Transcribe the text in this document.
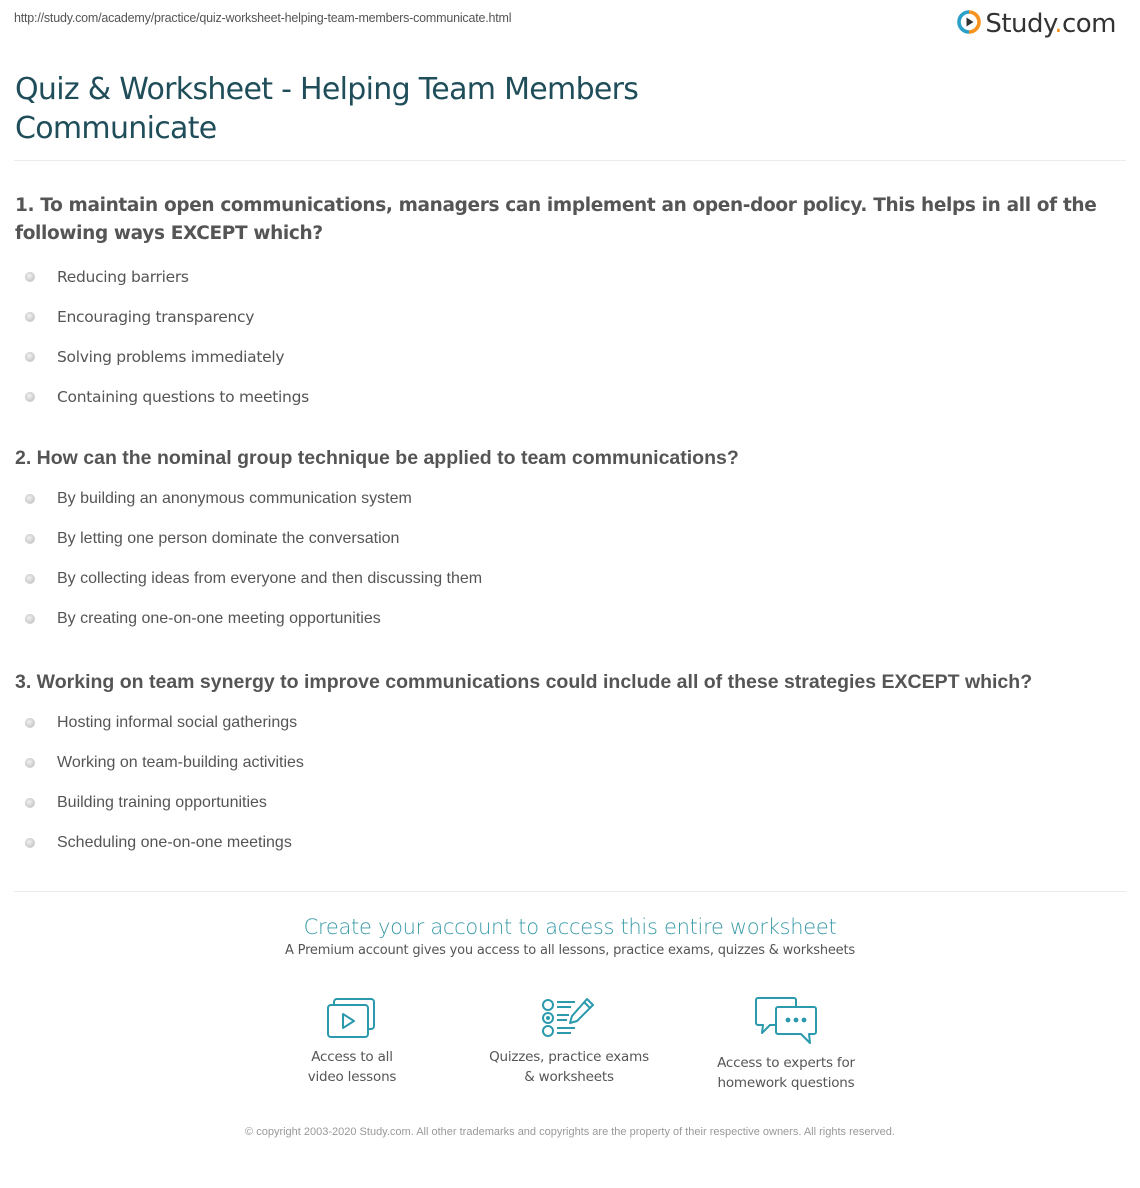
http://study.com/academy/practice/quiz-worksheet-helping-team-members-communicate.html	Study.com
Quiz & Worksheet - Helping Team Members Communicate
1. To maintain open communications, managers can implement an open-door policy. This helps in all of the following ways EXCEPT which?
Reducing barriers
Encouraging transparency
Solving problems immediately
Containing questions to meetings
2. How can the nominal group technique be applied to team communications?
By building an anonymous communication system
By letting one person dominate the conversation
By collecting ideas from everyone and then discussing them
By creating one-on-one meeting opportunities
3. Working on team synergy to improve communications could include all of these strategies EXCEPT which?
Hosting informal social gatherings
Working on team-building activities
Building training opportunities
Scheduling one-on-one meetings
Create your account to access this entire worksheet
A Premium account gives you access to all lessons, practice exams, quizzes & worksheets
Access to all
video lessons
Quizzes, practice exams
& worksheets
Access to experts for
homework questions
© copyright 2003-2020 Study.com. All other trademarks and copyrights are the property of their respective owners. All rights reserved.
